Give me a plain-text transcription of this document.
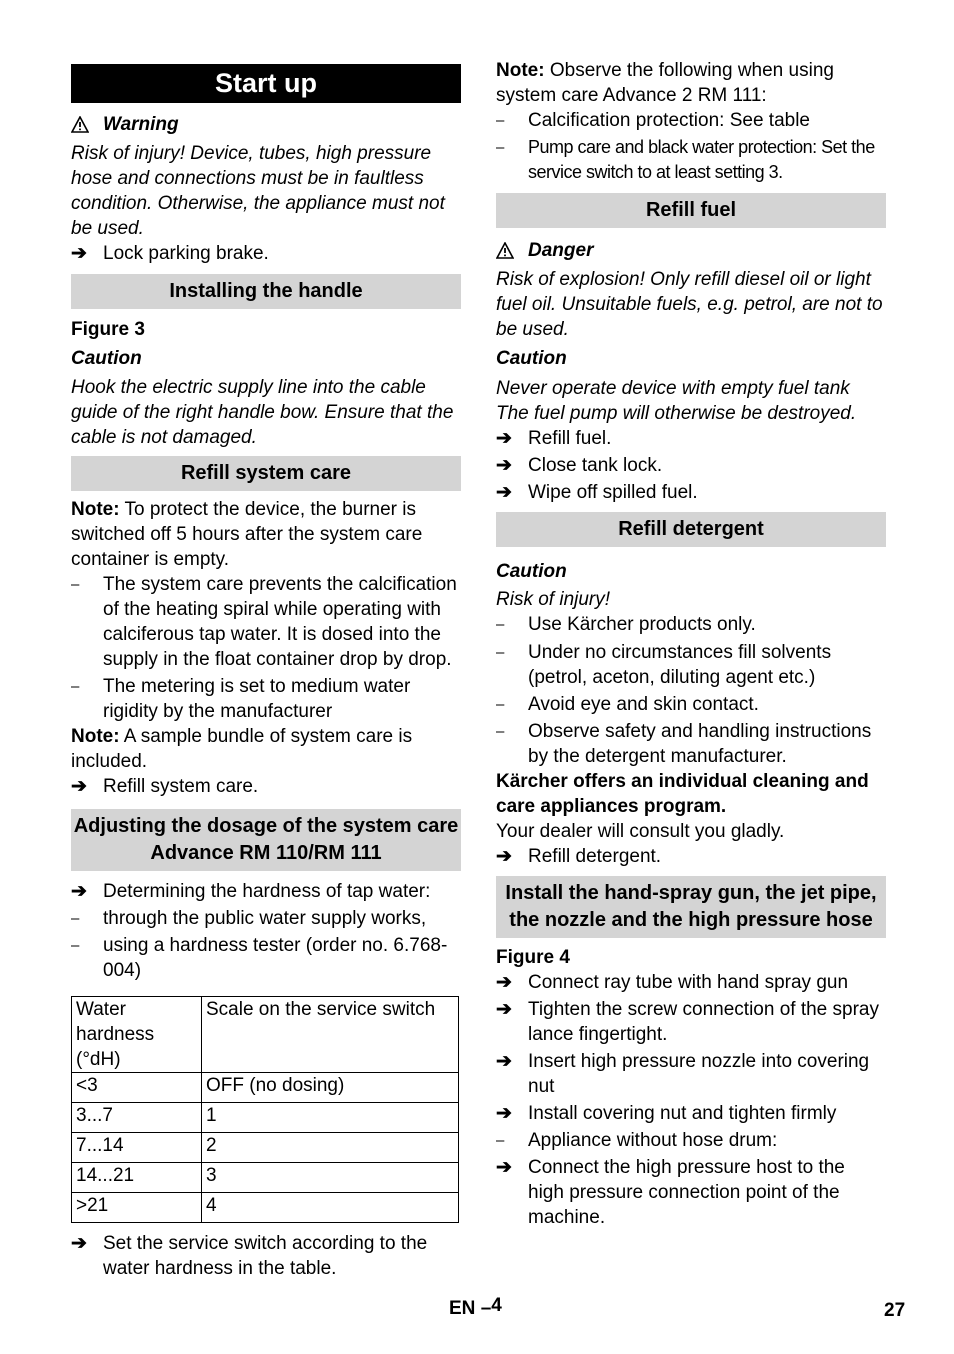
Start up
Warning

Risk of injury! Device, tubes, high pressure hose and connections must be in faultless condition. Otherwise, the appliance must not be used.

➔ Lock parking brake.
Installing the handle

Figure 3

Caution

Hook the electric supply line into the cable guide of the right handle bow. Ensure that the cable is not damaged.

Refill system care

Note: To protect the device, the burner is switched off 5 hours after the system care container is empty.

–	The system care prevents the calcification of the heating spiral while operating with calciferous tap water. It is dosed into the supply in the float container drop by drop.
–	The metering is set to medium water rigidity by the manufacturer

Note: A sample bundle of system care is included.

➔ Refill system care.
Adjusting the dosage of the system care Advance RM 110/RM 111
➔ Determining the hardness of tap water:
–	through the public water supply works,
–	using a hardness tester (order no. 6.768-004)
Water hardness (°dH)	Scale on the service switch
<3	OFF (no dosing)
3...7	1
7...14	2
14...21	3
>21	4
➔ Set the service switch according to the water hardness in the table.

Note: Observe the following when using system care Advance 2 RM 111:

–	Calcification protection: See table
–	Pump care and black water protection: Set the service switch to at least setting 3.
Refill fuel
Danger

Risk of explosion! Only refill diesel oil or light fuel oil. Unsuitable fuels, e.g. petrol, are not to be used.

Caution

Never operate device with empty fuel tank The fuel pump will otherwise be destroyed.

➔ Refill fuel.
➔ Close tank lock.
➔ Wipe off spilled fuel.
Refill detergent

Caution

Risk of injury!

–	Use Kärcher products only.
–	Under no circumstances fill solvents (petrol, aceton, diluting agent etc.)
–	Avoid eye and skin contact.
–	Observe safety and handling instructions by the detergent manufacturer.

Kärcher offers an individual cleaning and care appliances program.

Your dealer will consult you gladly.

➔ Refill detergent.
Install the hand-spray gun, the jet pipe, the nozzle and the high pressure hose

Figure 4

➔ Connect ray tube with hand spray gun
➔ Tighten the screw connection of the spray lance fingertight.
➔ Insert high pressure nozzle into covering nut
➔ Install covering nut and tighten firmly
–	Appliance without hose drum:
➔ Connect the high pressure host to the high pressure connection point of the machine.
EN –4	27
